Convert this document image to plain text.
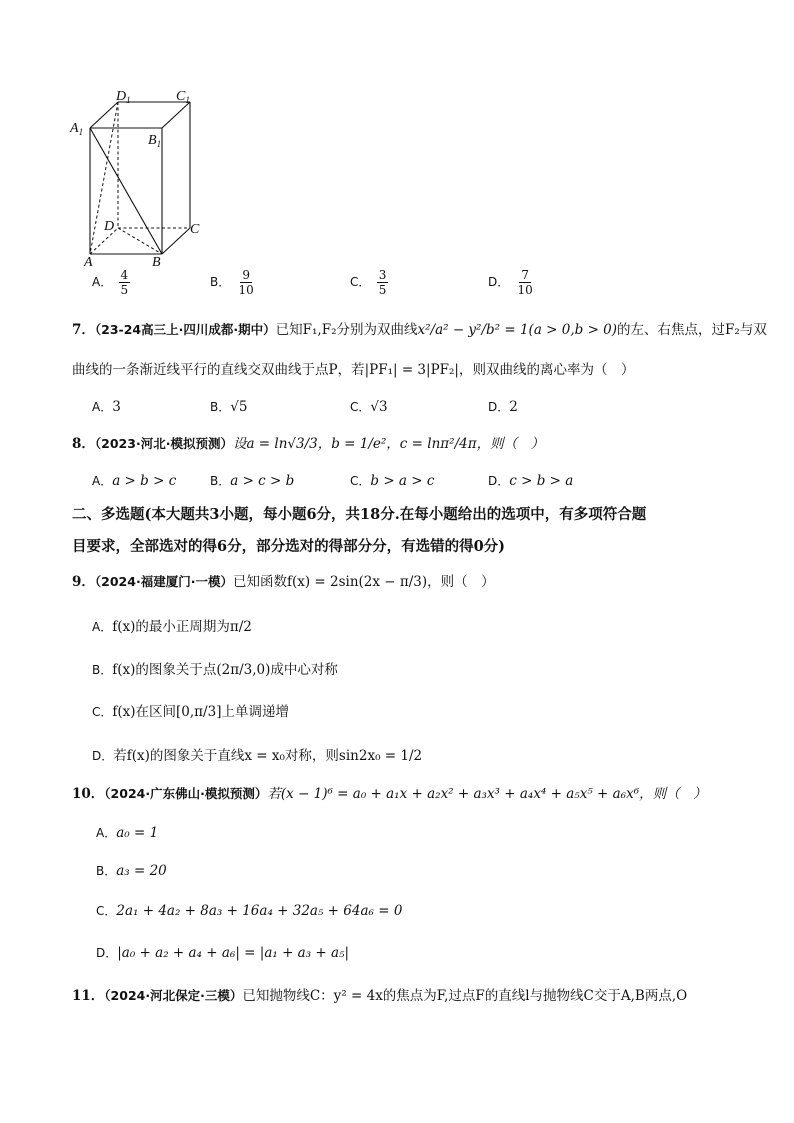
$D_1$	$C_1$
$A_1$
$B_1$
D	C
A	B
A． $\frac{4}{5}$	B． $\frac{9}{10}$	C． $\frac{3}{5}$	D． $\frac{7}{10}$
7．（23-24高三上·四川成都·期中）已知F₁,F₂分别为双曲线x²/a² − y²/b² = 1(a > 0,b > 0)的左、右焦点，过F₂与双
曲线的一条渐近线平行的直线交双曲线于点P，若|PF₁| = 3|PF₂|，则双曲线的离心率为（　）
A．3	B．√5	C．√3	D．2
8．（2023·河北·模拟预测）设a = ln√3/3，b = 1/e²，c = lnπ²/4π，则（　）
A．a > b > c	B．a > c > b	C．b > a > c	D．c > b > a
二、多选题(本大题共3小题，每小题6分，共18分.在每小题给出的选项中，有多项符合题
目要求，全部选对的得6分，部分选对的得部分分，有选错的得0分)
9．（2024·福建厦门·一模）已知函数f(x) = 2sin(2x − π/3)，则（　）
A．f(x)的最小正周期为π/2
B．f(x)的图象关于点(2π/3,0)成中心对称
C．f(x)在区间[0,π/3]上单调递增
D．若f(x)的图象关于直线x = x₀对称，则sin2x₀ = 1/2
10．（2024·广东佛山·模拟预测）若(x − 1)⁶ = a₀ + a₁x + a₂x² + a₃x³ + a₄x⁴ + a₅x⁵ + a₆x⁶，则（　）
A．a₀ = 1
B．a₃ = 20
C．2a₁ + 4a₂ + 8a₃ + 16a₄ + 32a₅ + 64a₆ = 0
D．|a₀ + a₂ + a₄ + a₆| = |a₁ + a₃ + a₅|
11．（2024·河北保定·三模）已知抛物线C：y² = 4x的焦点为F,过点F的直线l与抛物线C交于A,B两点,O
